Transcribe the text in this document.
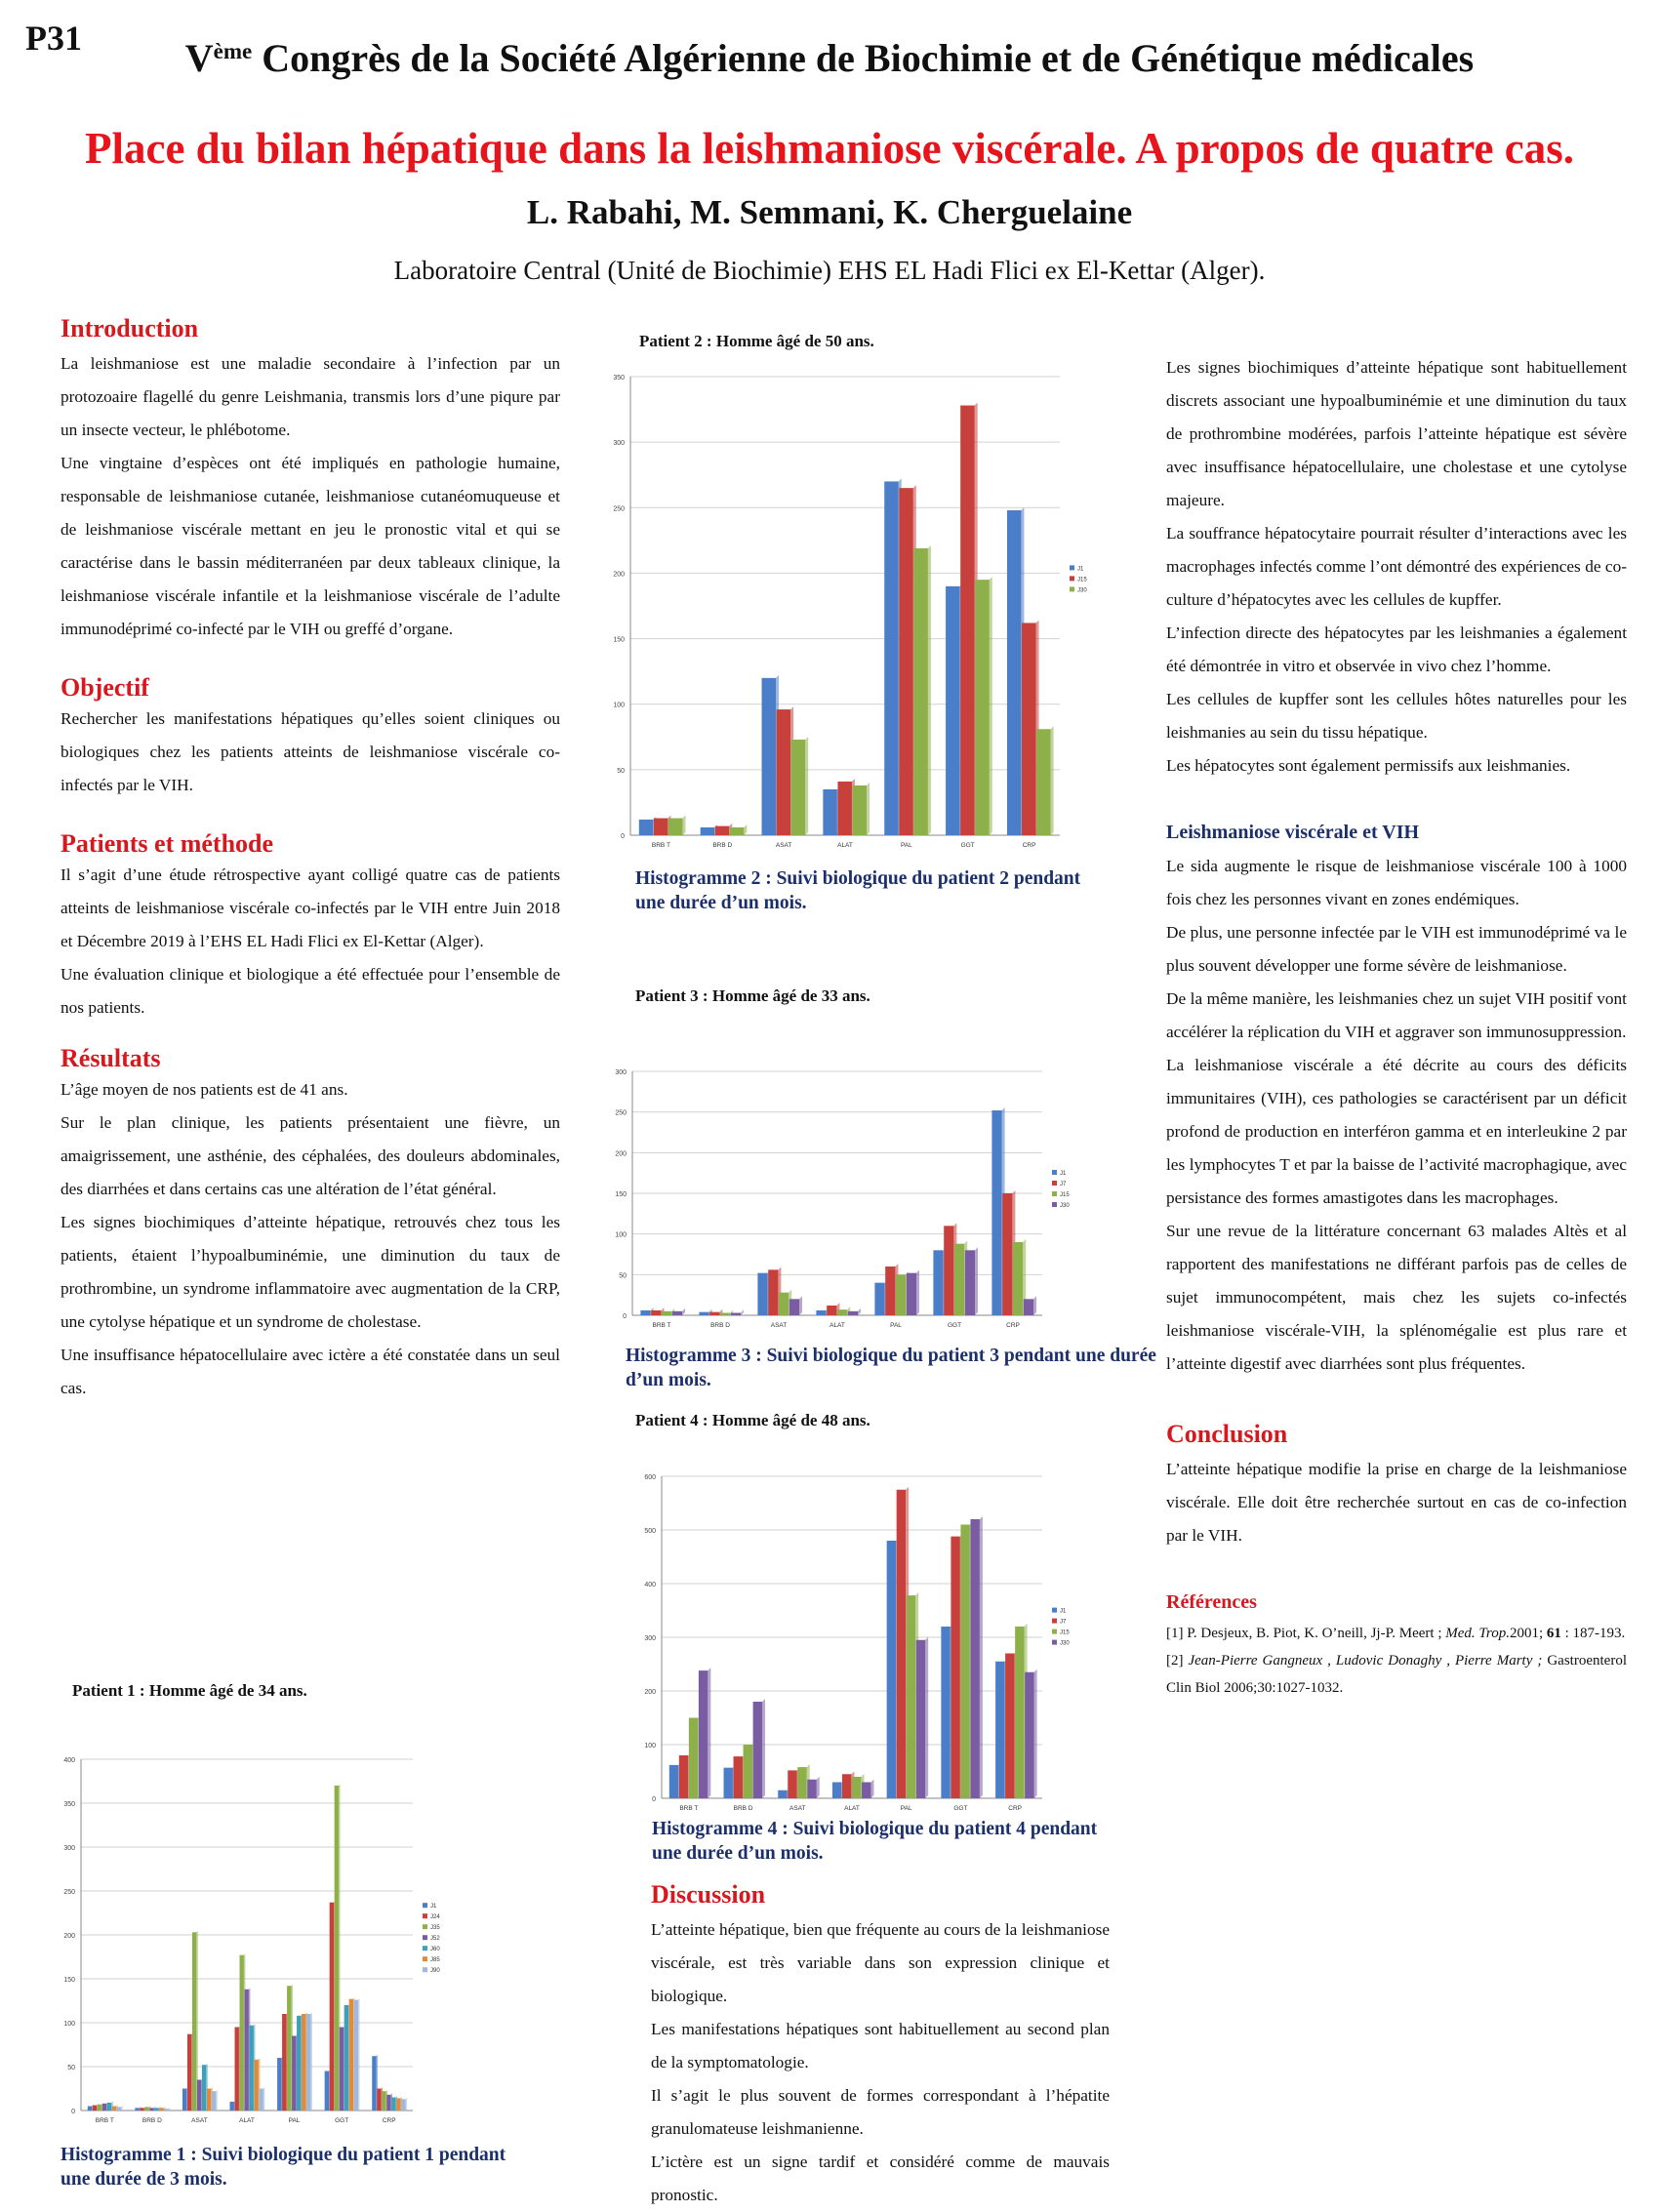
P31	Vème Congrès de la Société Algérienne de Biochimie et de Génétique médicales
Place du bilan hépatique dans la leishmaniose viscérale. A propos de quatre cas.
L. Rabahi, M. Semmani, K. Cherguelaine
Laboratoire Central (Unité de Biochimie) EHS EL Hadi Flici ex El-Kettar (Alger).
Introduction

La leishmaniose est une maladie secondaire à l’infection par un protozoaire flagellé du genre Leishmania, transmis lors d’une piqure par un insecte vecteur, le phlébotome.

Une vingtaine d’espèces ont été impliqués en pathologie humaine, responsable de leishmaniose cutanée, leishmaniose cutanéomuqueuse et de leishmaniose viscérale mettant en jeu le pronostic vital et qui se caractérise dans le bassin méditerranéen par deux tableaux clinique, la leishmaniose viscérale infantile et la leishmaniose viscérale de l’adulte immunodéprimé co-infecté par le VIH ou greffé d’organe.

Objectif

Rechercher les manifestations hépatiques qu’elles soient cliniques ou biologiques chez les patients atteints de leishmaniose viscérale co-infectés par le VIH.

Patients et méthode

Il s’agit d’une étude rétrospective ayant colligé quatre cas de patients atteints de leishmaniose viscérale co-infectés par le VIH entre Juin 2018 et Décembre 2019 à l’EHS EL Hadi Flici ex El-Kettar (Alger).

Une évaluation clinique et biologique a été effectuée pour l’ensemble de nos patients.

Résultats

L’âge moyen de nos patients est de 41 ans.

Sur le plan clinique, les patients présentaient une fièvre, un amaigrissement, une asthénie, des céphalées, des douleurs abdominales, des diarrhées et dans certains cas une altération de l’état général.

Les signes biochimiques d’atteinte hépatique, retrouvés chez tous les patients, étaient l’hypoalbuminémie, une diminution du taux de prothrombine, un syndrome inflammatoire avec augmentation de la CRP, une cytolyse hépatique et un syndrome de cholestase.

Une insuffisance hépatocellulaire avec ictère a été constatée dans un seul cas.

Patient 1 : Homme âgé de 34 ans.
0
50
100
150
200
250
300
350
400
BRB T	BRB D	ASAT	ALAT	PAL	GGT	CRP
J1
J24
J35
J52
J60
J85
J90
Histogramme 1 : Suivi biologique du patient 1 pendant une durée de 3 mois.
Patient 2 : Homme âgé de 50 ans.
0
50
100
150
200
250
300
350
BRB T	BRB D	ASAT	ALAT	PAL	GGT	CRP
J1
J15
J30
Histogramme 2 : Suivi biologique du patient 2 pendant une durée d’un mois.
Patient 3 : Homme âgé de 33 ans.
0
50
100
150
200
250
300
BRB T	BRB D	ASAT	ALAT	PAL	GGT	CRP
J1
J7
J15
J30
Histogramme 3 : Suivi biologique du patient 3 pendant une durée d’un mois.
Patient 4 : Homme âgé de 48 ans.
0
100
200
300
400
500
600
BRB T	BRB D	ASAT	ALAT	PAL	GGT	CRP
J1
J7
J15
J30
Histogramme 4 : Suivi biologique du patient 4 pendant une durée d’un mois.
Discussion

L’atteinte hépatique, bien que fréquente au cours de la leishmaniose viscérale, est très variable dans son expression clinique et biologique.

Les manifestations hépatiques sont habituellement au second plan de la symptomatologie.

Il s’agit le plus souvent de formes correspondant à l’hépatite granulomateuse leishmanienne.

L’ictère est un signe tardif et considéré comme de mauvais pronostic.

Les signes biochimiques d’atteinte hépatique sont habituellement discrets associant une hypoalbuminémie et une diminution du taux de prothrombine modérées, parfois l’atteinte hépatique est sévère avec insuffisance hépatocellulaire, une cholestase et une cytolyse majeure.

La souffrance hépatocytaire pourrait résulter d’interactions avec les macrophages infectés comme l’ont démontré des expériences de co-culture d’hépatocytes avec les cellules de kupffer.

L’infection directe des hépatocytes par les leishmanies a également été démontrée in vitro et observée in vivo chez l’homme.

Les cellules de kupffer sont les cellules hôtes naturelles pour les leishmanies au sein du tissu hépatique.

Les hépatocytes sont également permissifs aux leishmanies.

Leishmaniose viscérale et VIH

Le sida augmente le risque de leishmaniose viscérale 100 à 1000 fois chez les personnes vivant en zones endémiques.

De plus, une personne infectée par le VIH est immunodéprimé va le plus souvent développer une forme sévère de leishmaniose.

De la même manière, les leishmanies chez un sujet VIH positif vont accélérer la réplication du VIH et aggraver son immunosuppression.

La leishmaniose viscérale a été décrite au cours des déficits immunitaires (VIH), ces pathologies se caractérisent par un déficit profond de production en interféron gamma et en interleukine 2 par les lymphocytes T et par la baisse de l’activité macrophagique, avec persistance des formes amastigotes dans les macrophages.

Sur une revue de la littérature concernant 63 malades Altès et al rapportent des manifestations ne différant parfois pas de celles de sujet immunocompétent, mais chez les sujets co-infectés leishmaniose viscérale-VIH, la splénomégalie est plus rare et l’atteinte digestif avec diarrhées sont plus fréquentes.

Conclusion

L’atteinte hépatique modifie la prise en charge de la leishmaniose viscérale. Elle doit être recherchée surtout en cas de co-infection par le VIH.

Références

[1] P. Desjeux, B. Piot, K. O’neill, Jj-P. Meert ; Med. Trop.2001; 61 : 187-193.

[2] Jean-Pierre Gangneux , Ludovic Donaghy , Pierre Marty ; Gastroenterol Clin Biol 2006;30:1027-1032.
